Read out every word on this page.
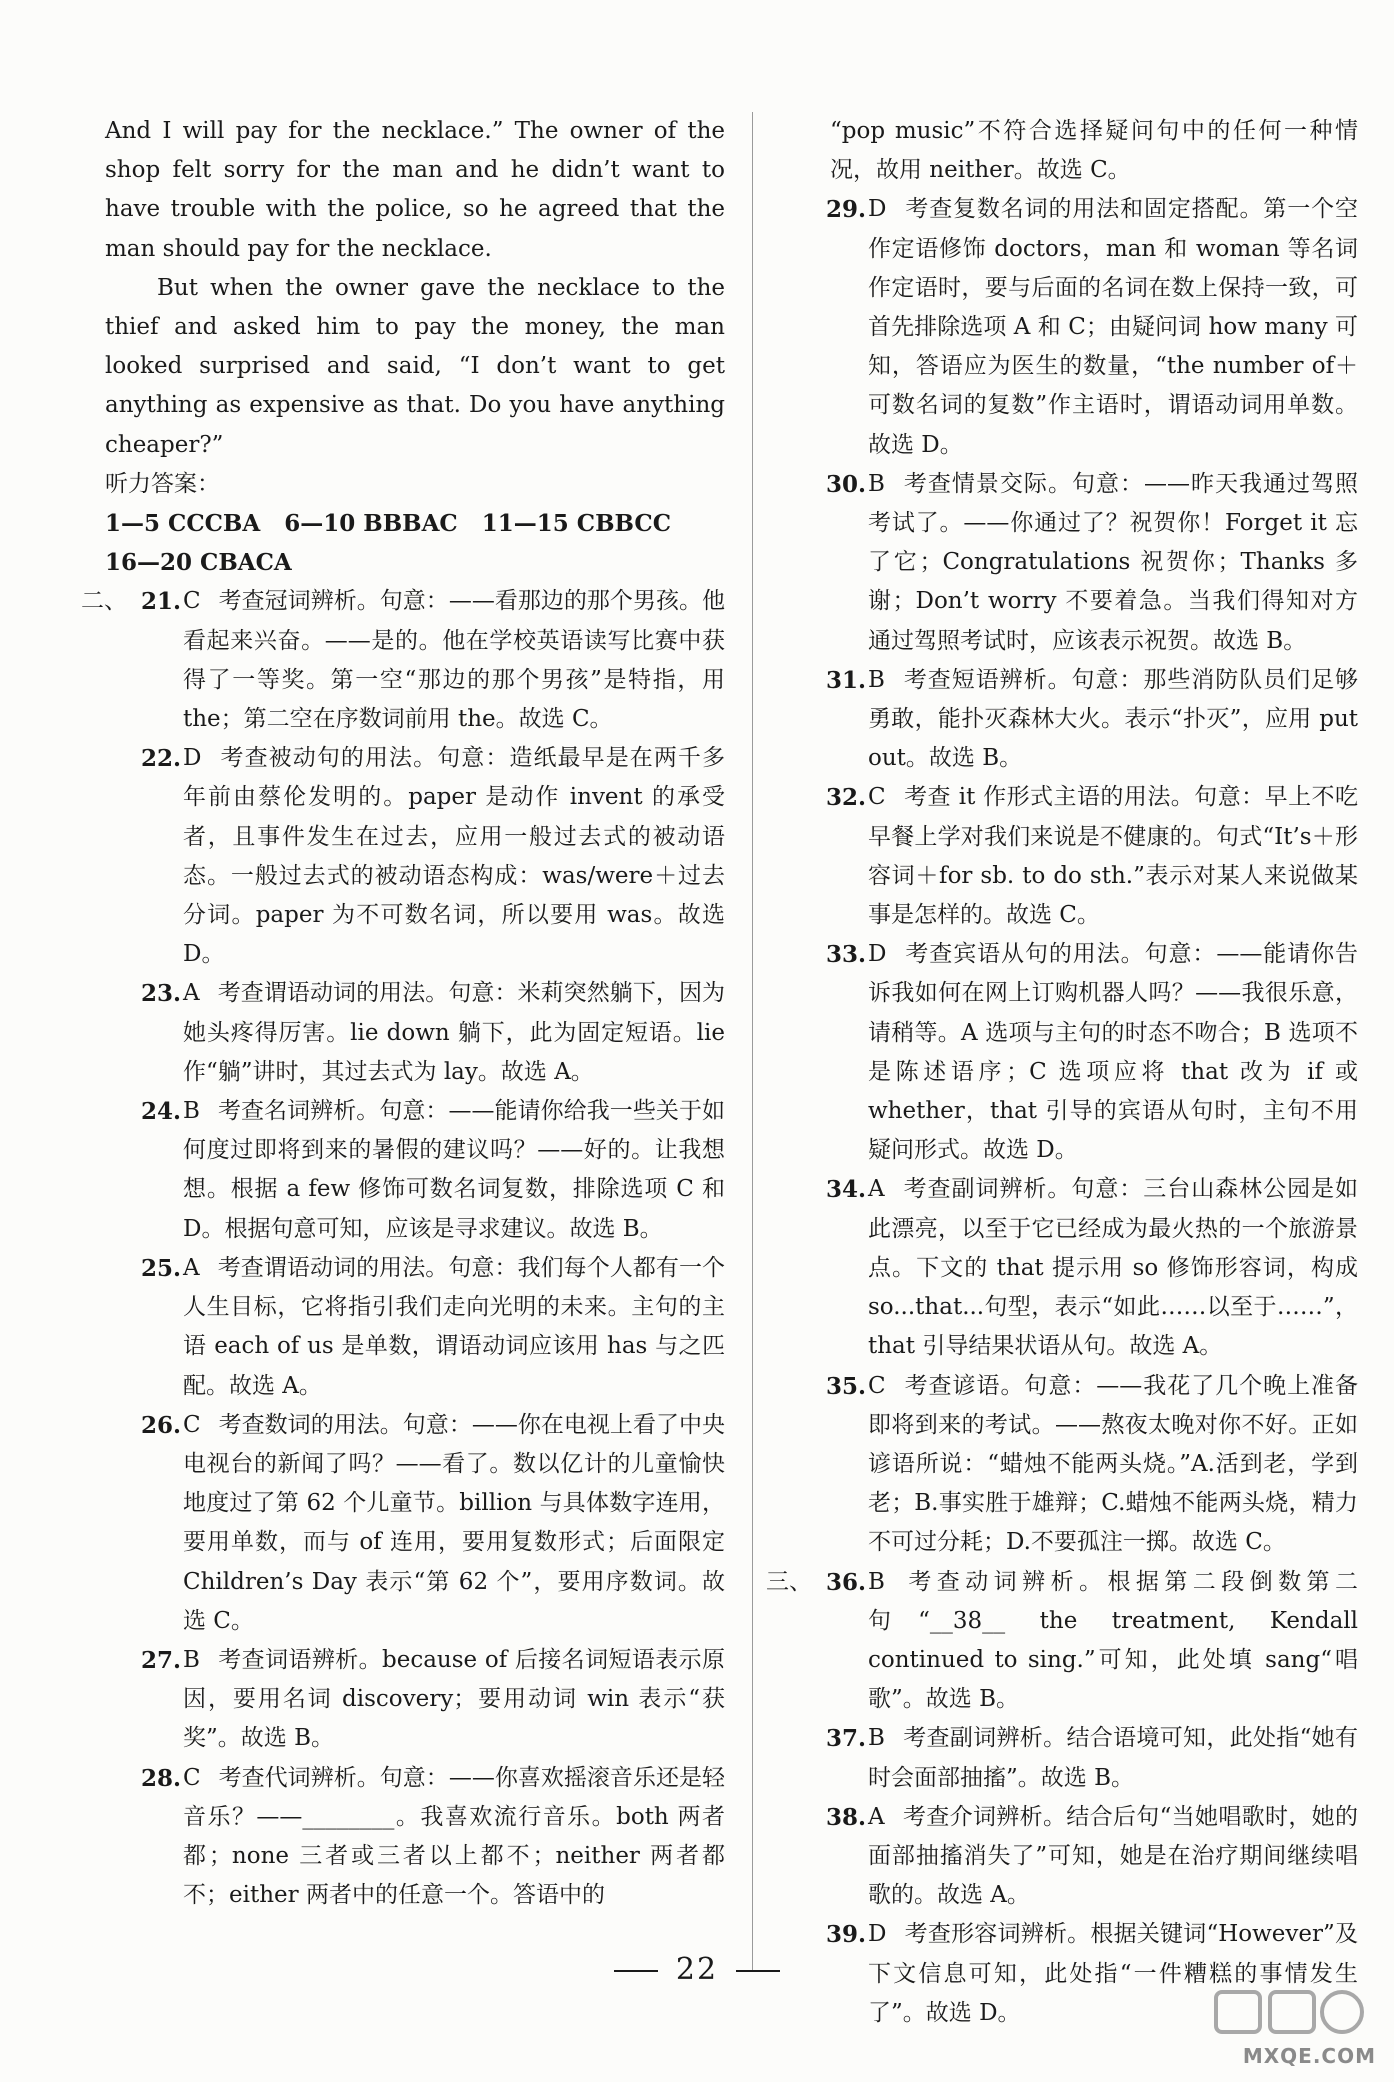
And I will pay for the necklace.” The owner of the shop felt sorry for the man and he didn’t want to have trouble with the police, so he agreed that the man should pay for the necklace.

But when the owner gave the necklace to the thief and asked him to pay the money, the man looked surprised and said, “I don’t want to get anything as expensive as that. Do you have anything cheaper?”

听力答案：

1—5 CCCBA   6—10 BBBAC   11—15 CBBCC

16—20 CBACA

二、 21. C 考查冠词辨析。句意：——看那边的那个男孩。他看起来兴奋。——是的。他在学校英语读写比赛中获得了一等奖。第一空“那边的那个男孩”是特指，用 the；第二空在序数词前用 the。故选 C。

22. D 考查被动句的用法。句意：造纸最早是在两千多年前由蔡伦发明的。paper 是动作 invent 的承受者，且事件发生在过去，应用一般过去式的被动语态。一般过去式的被动语态构成：was/were＋过去分词。paper 为不可数名词，所以要用 was。故选 D。

23. A 考查谓语动词的用法。句意：米莉突然躺下，因为她头疼得厉害。lie down 躺下，此为固定短语。lie 作“躺”讲时，其过去式为 lay。故选 A。

24. B 考查名词辨析。句意：——能请你给我一些关于如何度过即将到来的暑假的建议吗？——好的。让我想想。根据 a few 修饰可数名词复数，排除选项 C 和 D。根据句意可知，应该是寻求建议。故选 B。

25. A 考查谓语动词的用法。句意：我们每个人都有一个人生目标，它将指引我们走向光明的未来。主句的主语 each of us 是单数，谓语动词应该用 has 与之匹配。故选 A。

26. C 考查数词的用法。句意：——你在电视上看了中央电视台的新闻了吗？——看了。数以亿计的儿童愉快地度过了第 62 个儿童节。billion 与具体数字连用，要用单数，而与 of 连用，要用复数形式；后面限定 Children’s Day 表示“第 62 个”，要用序数词。故选 C。

27. B 考查词语辨析。because of 后接名词短语表示原因，要用名词 discovery；要用动词 win 表示“获奖”。故选 B。

28. C 考查代词辨析。句意：——你喜欢摇滚音乐还是轻音乐？——________。我喜欢流行音乐。both 两者都；none 三者或三者以上都不；neither 两者都不；either 两者中的任意一个。答语中的

“pop music”不符合选择疑问句中的任何一种情况，故用 neither。故选 C。

29. D 考查复数名词的用法和固定搭配。第一个空作定语修饰 doctors，man 和 woman 等名词作定语时，要与后面的名词在数上保持一致，可首先排除选项 A 和 C；由疑问词 how many 可知，答语应为医生的数量，“the number of＋可数名词的复数”作主语时，谓语动词用单数。故选 D。

30. B 考查情景交际。句意：——昨天我通过驾照考试了。——你通过了？祝贺你！Forget it 忘了它；Congratulations 祝贺你；Thanks 多谢；Don’t worry 不要着急。当我们得知对方通过驾照考试时，应该表示祝贺。故选 B。

31. B 考查短语辨析。句意：那些消防队员们足够勇敢，能扑灭森林大火。表示“扑灭”，应用 put out。故选 B。

32. C 考查 it 作形式主语的用法。句意：早上不吃早餐上学对我们来说是不健康的。句式“It’s＋形容词＋for sb. to do sth.”表示对某人来说做某事是怎样的。故选 C。

33. D 考查宾语从句的用法。句意：——能请你告诉我如何在网上订购机器人吗？——我很乐意，请稍等。A 选项与主句的时态不吻合；B 选项不是陈述语序；C 选项应将 that 改为 if 或 whether，that 引导的宾语从句时，主句不用疑问形式。故选 D。

34. A 考查副词辨析。句意：三台山森林公园是如此漂亮，以至于它已经成为最火热的一个旅游景点。下文的 that 提示用 so 修饰形容词，构成 so...that...句型，表示“如此……以至于……”，that 引导结果状语从句。故选 A。

35. C 考查谚语。句意：——我花了几个晚上准备即将到来的考试。——熬夜太晚对你不好。正如谚语所说：“蜡烛不能两头烧。”A.活到老，学到老；B.事实胜于雄辩；C.蜡烛不能两头烧，精力不可过分耗；D.不要孤注一掷。故选 C。

三、 36. B 考查动词辨析。根据第二段倒数第二句“__38__ the treatment, Kendall continued to sing.”可知，此处填 sang“唱歌”。故选 B。

37. B 考查副词辨析。结合语境可知，此处指“她有时会面部抽搐”。故选 B。

38. A 考查介词辨析。结合后句“当她唱歌时，她的面部抽搐消失了”可知，她是在治疗期间继续唱歌的。故选 A。

39. D 考查形容词辨析。根据关键词“However”及下文信息可知，此处指“一件糟糕的事情发生了”。故选 D。

22
MXQE.COM
